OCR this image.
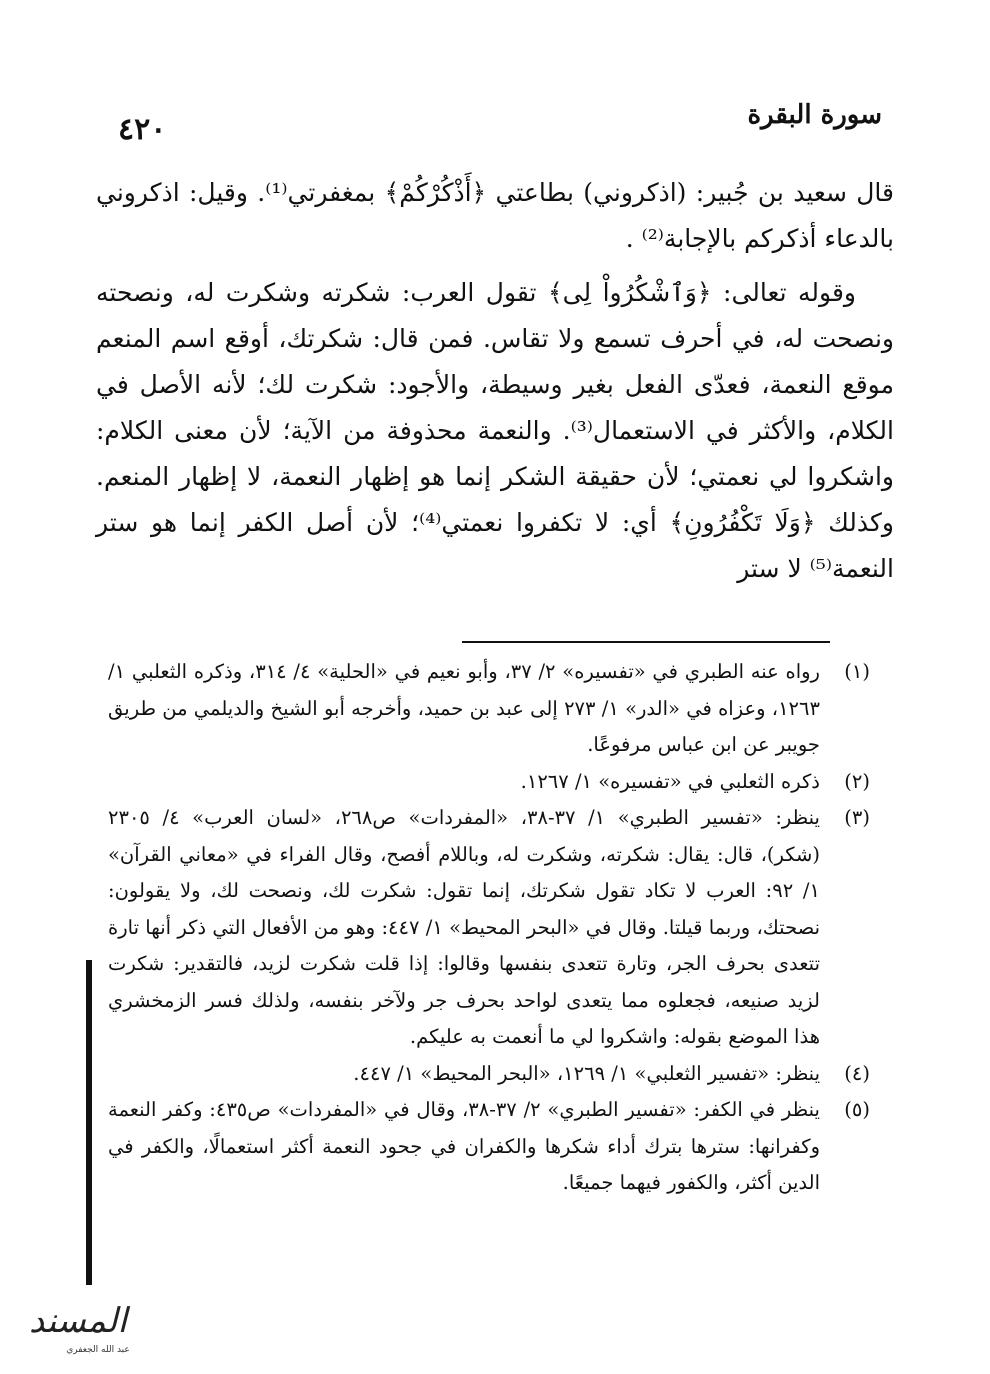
٤٢٠	سورة البقرة

قال سعيد بن جُبير: (اذكروني) بطاعتي ﴿أَذْكُرْكُمْ﴾ بمغفرتي⁽¹⁾. وقيل: اذكروني بالدعاء أذكركم بالإجابة⁽²⁾ .

وقوله تعالى: ﴿وَٱشْكُرُواْ لِى﴾ تقول العرب: شكرته وشكرت له، ونصحته ونصحت له، في أحرف تسمع ولا تقاس. فمن قال: شكرتك، أوقع اسم المنعم موقع النعمة، فعدّى الفعل بغير وسيطة، والأجود: شكرت لك؛ لأنه الأصل في الكلام، والأكثر في الاستعمال⁽³⁾. والنعمة محذوفة من الآية؛ لأن معنى الكلام: واشكروا لي نعمتي؛ لأن حقيقة الشكر إنما هو إظهار النعمة، لا إظهار المنعم. وكذلك ﴿وَلَا تَكْفُرُونِ﴾ أي: لا تكفروا نعمتي⁽⁴⁾؛ لأن أصل الكفر إنما هو ستر النعمة⁽⁵⁾ لا ستر

(١)
رواه عنه الطبري في «تفسيره» ٢/ ٣٧، وأبو نعيم في «الحلية» ٤/ ٣١٤، وذكره الثعلبي ١/ ١٢٦٣، وعزاه في «الدر» ١/ ٢٧٣ إلى عبد بن حميد، وأخرجه أبو الشيخ والديلمي من طريق جويبر عن ابن عباس مرفوعًا.
(٢)
ذكره الثعلبي في «تفسيره» ١/ ١٢٦٧.
(٣)
ينظر: «تفسير الطبري» ١/ ٣٧-٣٨، «المفردات» ص٢٦٨، «لسان العرب» ٤/ ٢٣٠٥ (شكر)، قال: يقال: شكرته، وشكرت له، وباللام أفصح، وقال الفراء في «معاني القرآن» ١/ ٩٢: العرب لا تكاد تقول شكرتك، إنما تقول: شكرت لك، ونصحت لك، ولا يقولون: نصحتك، وربما قيلتا. وقال في «البحر المحيط» ١/ ٤٤٧: وهو من الأفعال التي ذكر أنها تارة تتعدى بحرف الجر، وتارة تتعدى بنفسها وقالوا: إذا قلت شكرت لزيد، فالتقدير: شكرت لزيد صنيعه، فجعلوه مما يتعدى لواحد بحرف جر ولآخر بنفسه، ولذلك فسر الزمخشري هذا الموضع بقوله: واشكروا لي ما أنعمت به عليكم.
(٤)
ينظر: «تفسير الثعلبي» ١/ ١٢٦٩، «البحر المحيط» ١/ ٤٤٧.
(٥)
ينظر في الكفر: «تفسير الطبري» ٢/ ٣٧-٣٨، وقال في «المفردات» ص٤٣٥: وكفر النعمة وكفرانها: سترها بترك أداء شكرها والكفران في جحود النعمة أكثر استعمالًا، والكفر في الدين أكثر، والكفور فيهما جميعًا.
المسند
عبد الله الجعفري
